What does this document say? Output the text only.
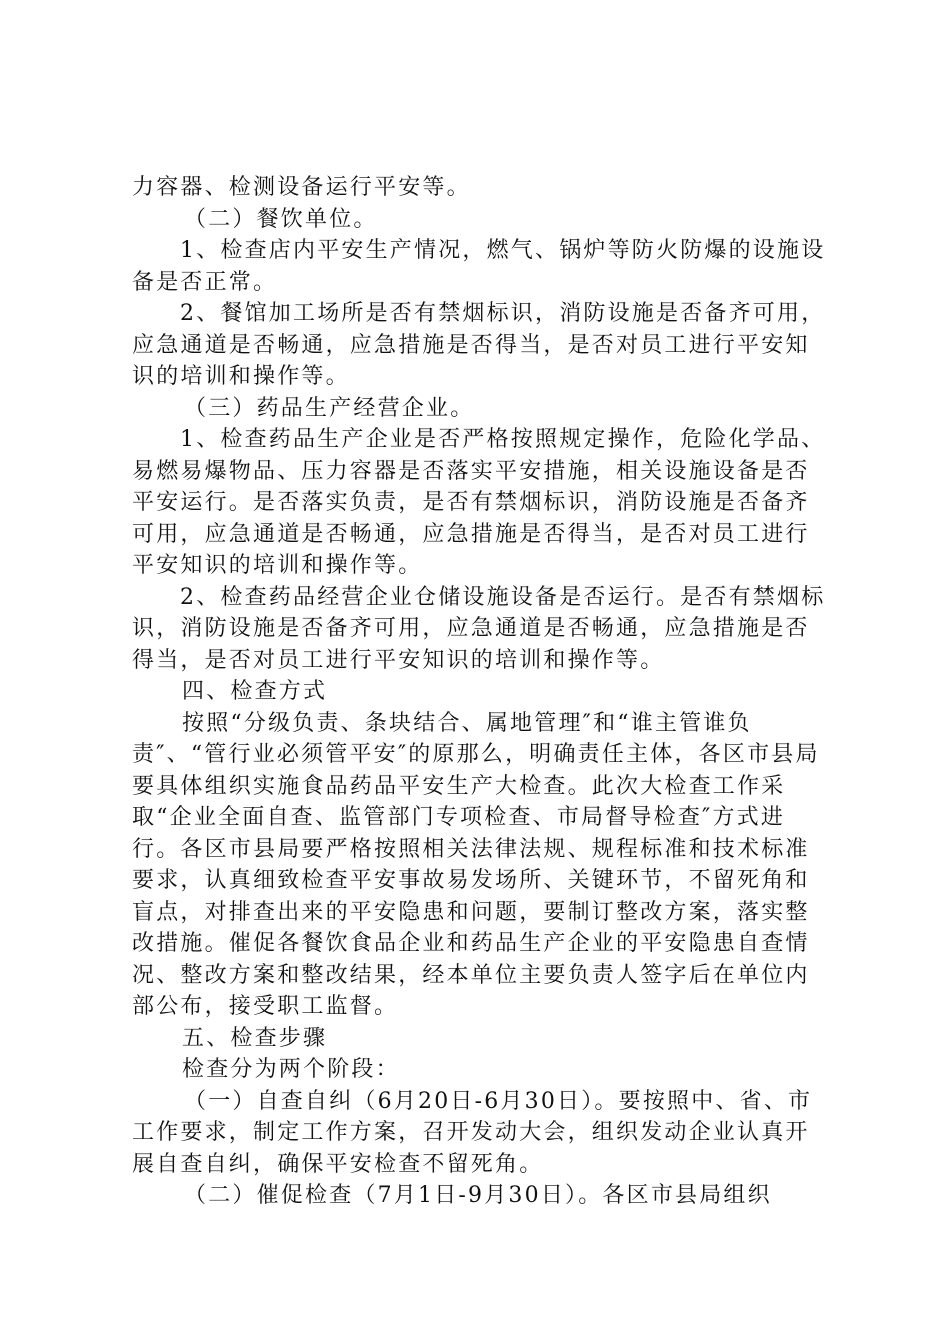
力容器、检测设备运行平安等。

（二）餐饮单位。

1、检查店内平安生产情况，燃气、锅炉等防火防爆的设施设备是否正常。

2、餐馆加工场所是否有禁烟标识，消防设施是否备齐可用，应急通道是否畅通，应急措施是否得当，是否对员工进行平安知识的培训和操作等。

（三）药品生产经营企业。

1、检查药品生产企业是否严格按照规定操作，危险化学品、易燃易爆物品、压力容器是否落实平安措施，相关设施设备是否平安运行。是否落实负责，是否有禁烟标识，消防设施是否备齐可用，应急通道是否畅通，应急措施是否得当，是否对员工进行平安知识的培训和操作等。

2、检查药品经营企业仓储设施设备是否运行。是否有禁烟标识，消防设施是否备齐可用，应急通道是否畅通，应急措施是否得当，是否对员工进行平安知识的培训和操作等。

四、检查方式

按照“分级负责、条块结合、属地管理″和“谁主管谁负责″、“管行业必须管平安″的原那么，明确责任主体，各区市县局要具体组织实施食品药品平安生产大检查。此次大检查工作采取“企业全面自查、监管部门专项检查、市局督导检查″方式进行。各区市县局要严格按照相关法律法规、规程标准和技术标准要求，认真细致检查平安事故易发场所、关键环节，不留死角和盲点，对排查出来的平安隐患和问题，要制订整改方案，落实整改措施。催促各餐饮食品企业和药品生产企业的平安隐患自查情况、整改方案和整改结果，经本单位主要负责人签字后在单位内部公布，接受职工监督。

五、检查步骤

检查分为两个阶段：

（一）自查自纠（6月20日-6月30日）。要按照中、省、市工作要求，制定工作方案，召开发动大会，组织发动企业认真开展自查自纠，确保平安检查不留死角。

（二）催促检查（7月1日-9月30日）。各区市县局组织
